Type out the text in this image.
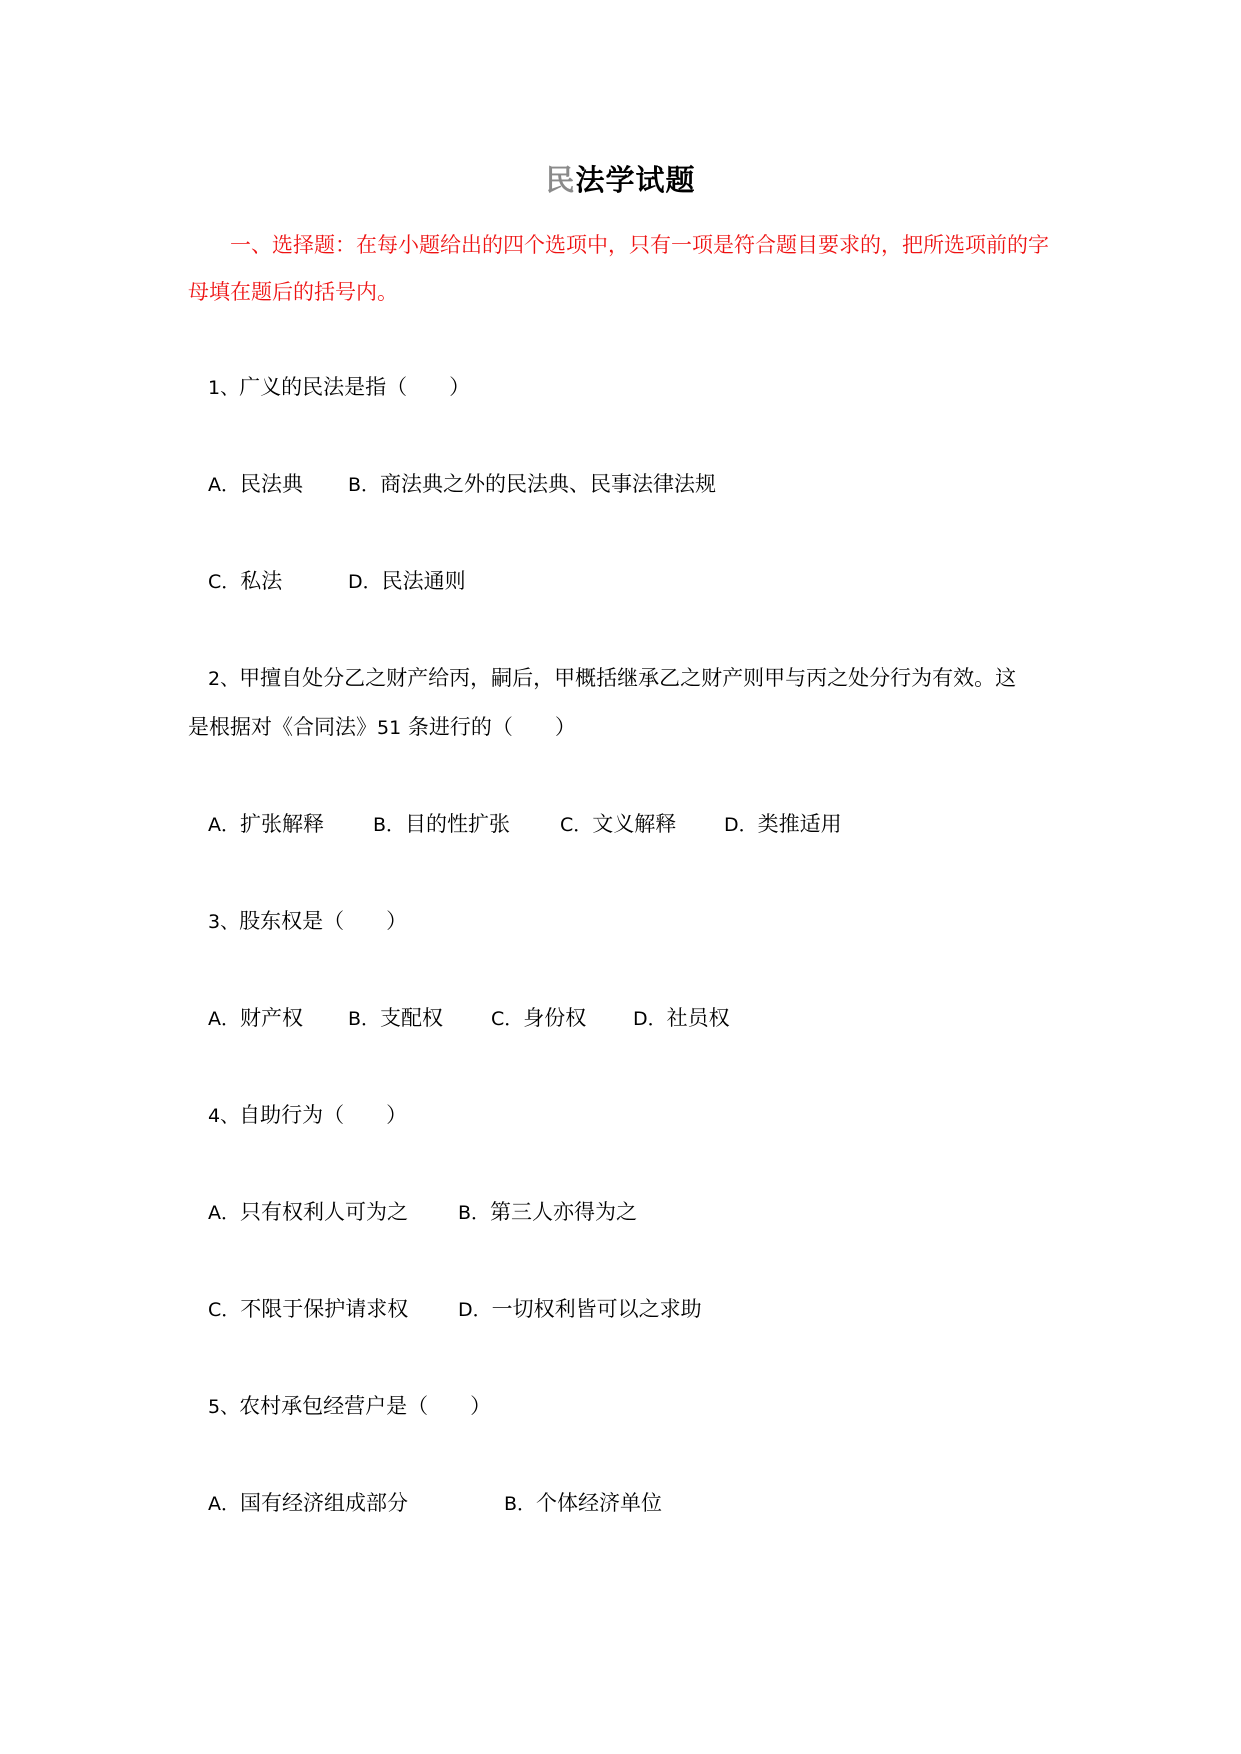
民法学试题
一、选择题：在每小题给出的四个选项中，只有一项是符合题目要求的，把所选项前的字母填在题后的括号内。
1、广义的民法是指（　　）
A．民法典 B．商法典之外的民法典、民事法律法规
C．私法	D．民法通则
2、甲擅自处分乙之财产给丙，嗣后，甲概括继承乙之财产则甲与丙之处分行为有效。这
是根据对《合同法》51 条进行的（　　）
A．扩张解释	B．目的性扩张	C．文义解释	D．类推适用
3、股东权是（　　）
A．财产权 B．支配权	C．身份权 D．社员权
4、自助行为（　　）
A．只有权利人可为之	B．第三人亦得为之
C．不限于保护请求权	D．一切权利皆可以之求助
5、农村承包经营户是（　　）
A．国有经济组成部分	B．个体经济单位
